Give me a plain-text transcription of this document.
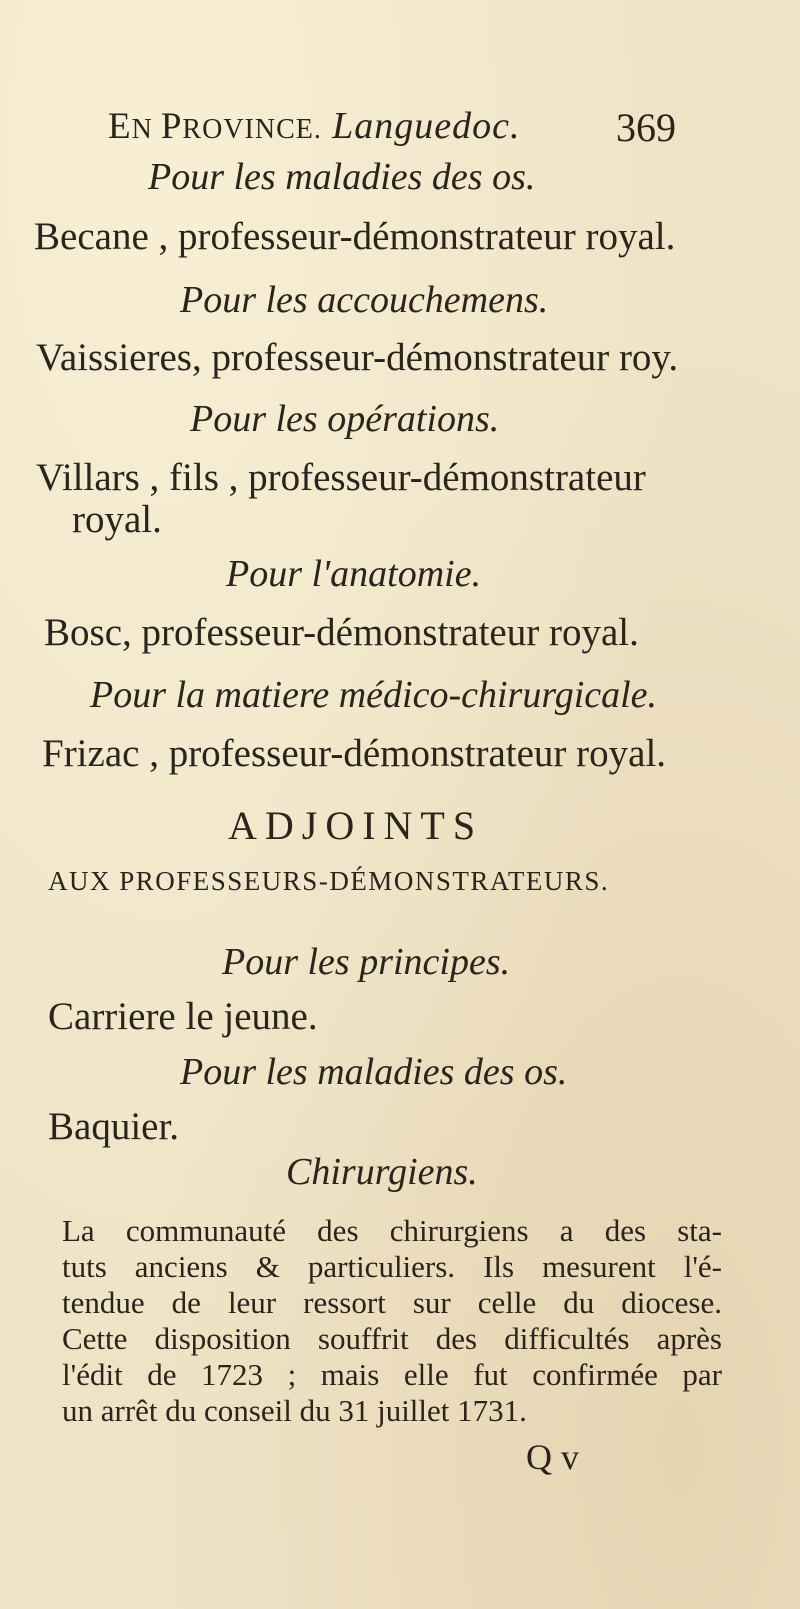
EN PROVINCE. Languedoc. 369
Pour les maladies des os.
Becane , professeur-démonstrateur royal.
Pour les accouchemens.
Vaissieres, professeur-démonstrateur roy.
Pour les opérations.
Villars , fils , professeur-démonstrateur
royal.
Pour l'anatomie.
Bosc, professeur-démonstrateur royal.
Pour la matiere médico-chirurgicale.
Frizac , professeur-démonstrateur royal.
ADJOINTS
AUX PROFESSEURS-DÉMONSTRATEURS.
Pour les principes.
Carriere le jeune.
Pour les maladies des os.
Baquier.
Chirurgiens.
La communauté des chirurgiens a des sta-
tuts anciens & particuliers. Ils mesurent l'é-
tendue de leur ressort sur celle du diocese.
Cette disposition souffrit des difficultés après
l'édit de 1723 ; mais elle fut confirmée par
un arrêt du conseil du 31 juillet 1731.
Q v
